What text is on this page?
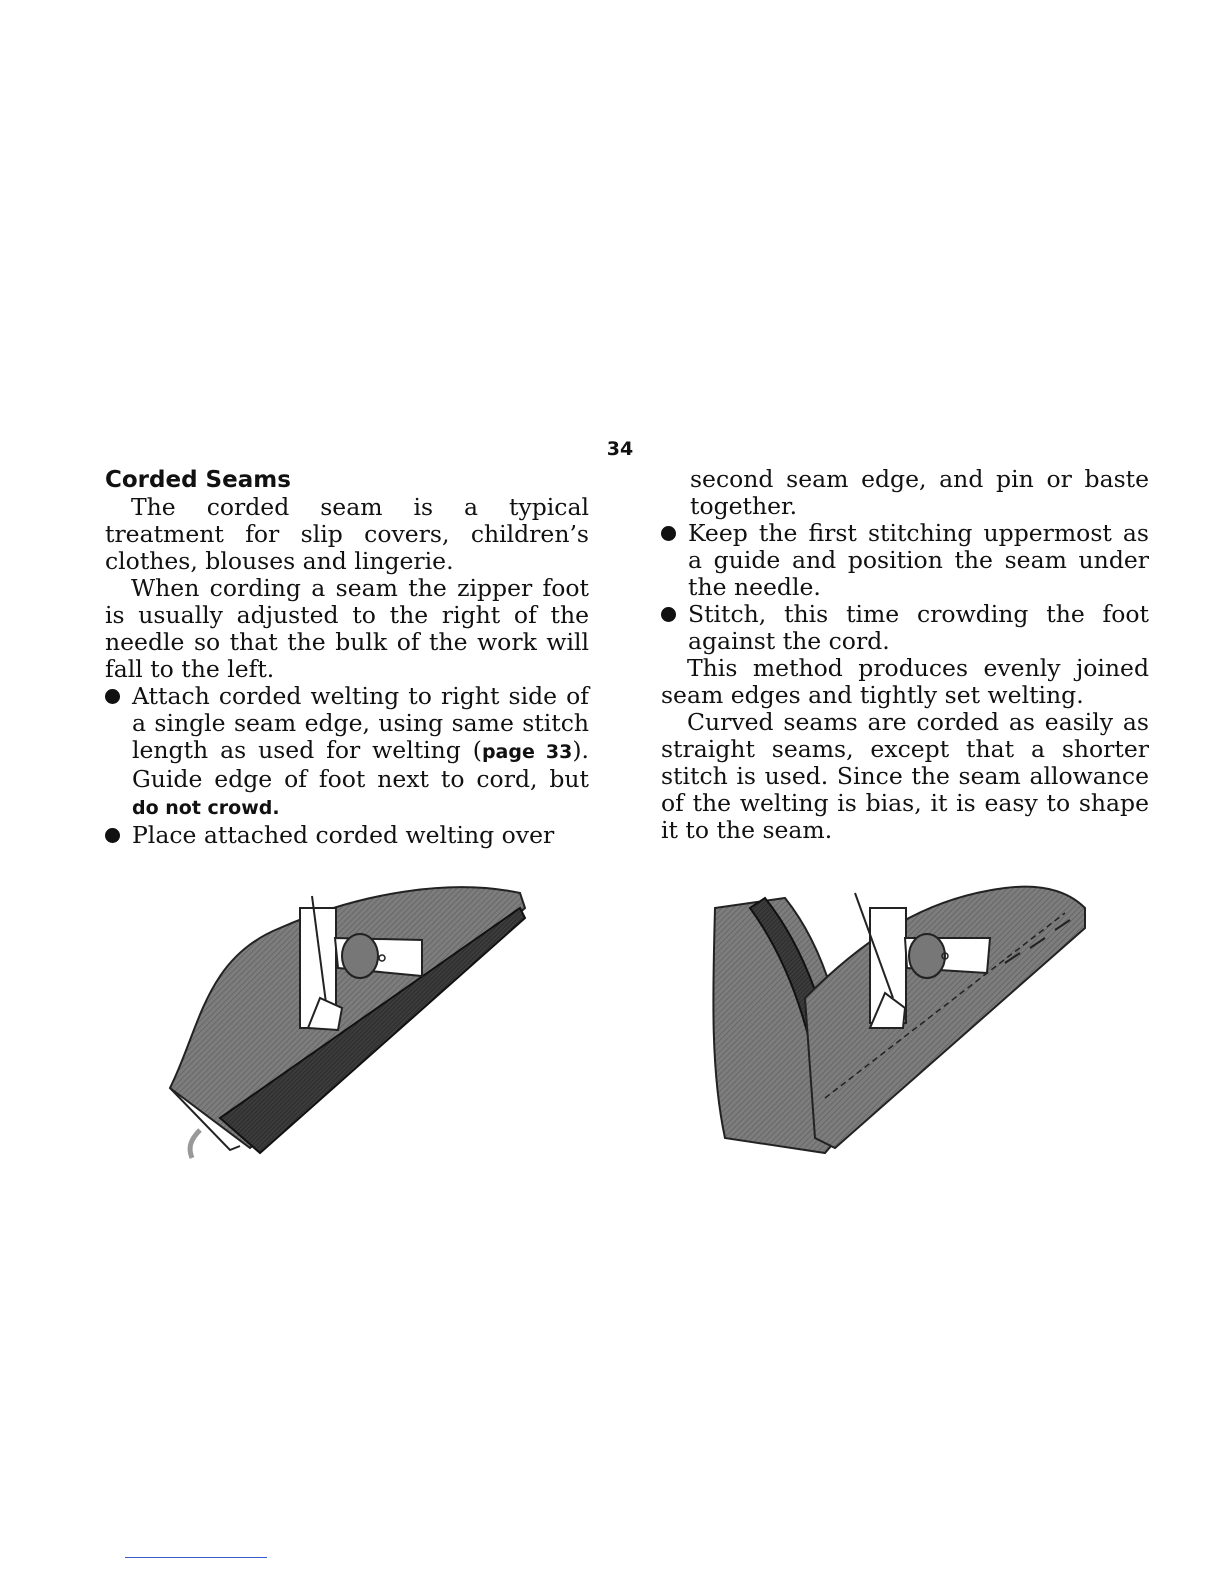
34
Corded Seams

The corded seam is a typical treatment for slip covers, children’s clothes, blouses and lingerie.

When cording a seam the zipper foot is usually adjusted to the right of the needle so that the bulk of the work will fall to the left.

Attach corded welting to right side of a single seam edge, using same stitch length as used for welting (page 33). Guide edge of foot next to cord, but do not crowd.
Place attached corded welting over

second seam edge, and pin or baste together.

Keep the first stitching uppermost as a guide and position the seam under the needle.
Stitch, this time crowding the foot against the cord.

This method produces evenly joined seam edges and tightly set welting.

Curved seams are corded as easily as straight seams, except that a shorter stitch is used. Since the seam allowance of the welting is bias, it is easy to shape it to the seam.
